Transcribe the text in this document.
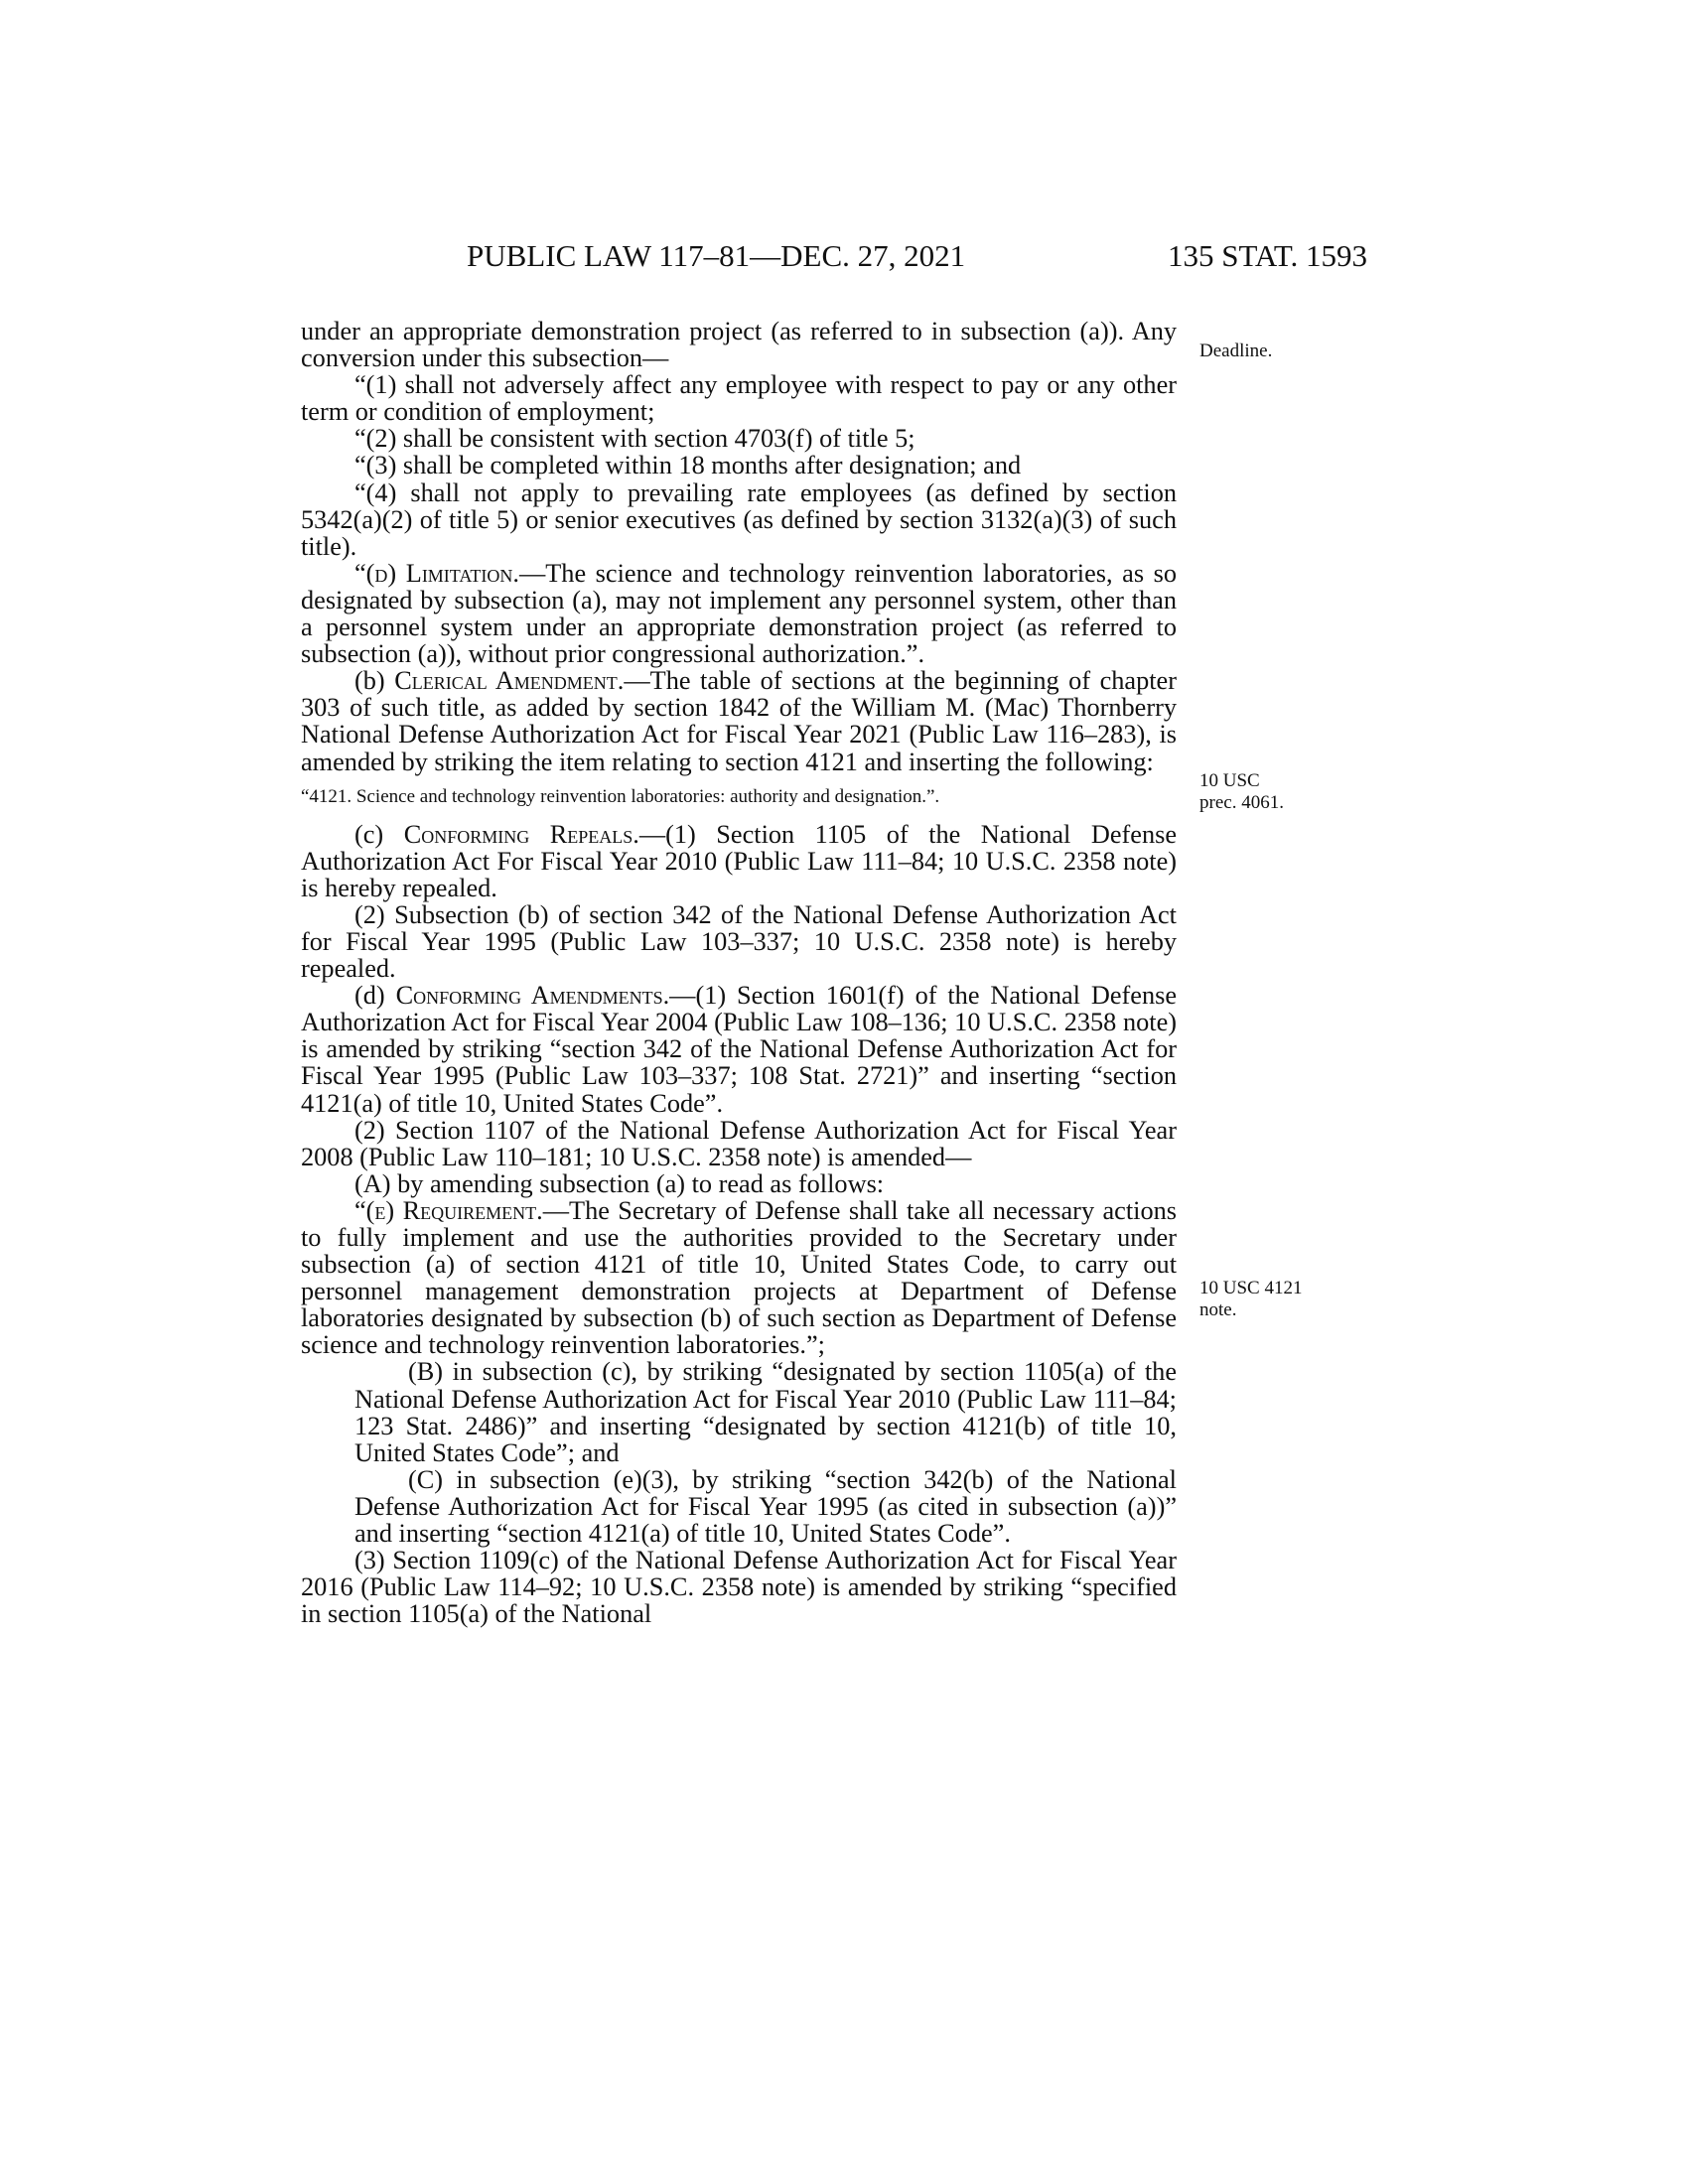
PUBLIC LAW 117–81—DEC. 27, 2021	135 STAT. 1593

under an appropriate demonstration project (as referred to in subsection (a)). Any conversion under this subsection—

“(1) shall not adversely affect any employee with respect to pay or any other term or condition of employment;

“(2) shall be consistent with section 4703(f) of title 5;

“(3) shall be completed within 18 months after designation; and

“(4) shall not apply to prevailing rate employees (as defined by section 5342(a)(2) of title 5) or senior executives (as defined by section 3132(a)(3) of such title).

“(d) Limitation.—The science and technology reinvention laboratories, as so designated by subsection (a), may not implement any personnel system, other than a personnel system under an appropriate demonstration project (as referred to subsection (a)), without prior congressional authorization.”.

(b) Clerical Amendment.—The table of sections at the beginning of chapter 303 of such title, as added by section 1842 of the William M. (Mac) Thornberry National Defense Authorization Act for Fiscal Year 2021 (Public Law 116–283), is amended by striking the item relating to section 4121 and inserting the following:

“4121. Science and technology reinvention laboratories: authority and designation.”.

(c) Conforming Repeals.—(1) Section 1105 of the National Defense Authorization Act For Fiscal Year 2010 (Public Law 111–84; 10 U.S.C. 2358 note) is hereby repealed.

(2) Subsection (b) of section 342 of the National Defense Authorization Act for Fiscal Year 1995 (Public Law 103–337; 10 U.S.C. 2358 note) is hereby repealed.

(d) Conforming Amendments.—(1) Section 1601(f) of the National Defense Authorization Act for Fiscal Year 2004 (Public Law 108–136; 10 U.S.C. 2358 note) is amended by striking “section 342 of the National Defense Authorization Act for Fiscal Year 1995 (Public Law 103–337; 108 Stat. 2721)” and inserting “section 4121(a) of title 10, United States Code”.

(2) Section 1107 of the National Defense Authorization Act for Fiscal Year 2008 (Public Law 110–181; 10 U.S.C. 2358 note) is amended—

(A) by amending subsection (a) to read as follows:

“(e) Requirement.—The Secretary of Defense shall take all necessary actions to fully implement and use the authorities provided to the Secretary under subsection (a) of section 4121 of title 10, United States Code, to carry out personnel management demonstration projects at Department of Defense laboratories designated by subsection (b) of such section as Department of Defense science and technology reinvention laboratories.”;

(B) in subsection (c), by striking “designated by section 1105(a) of the National Defense Authorization Act for Fiscal Year 2010 (Public Law 111–84; 123 Stat. 2486)” and inserting “designated by section 4121(b) of title 10, United States Code”; and

(C) in subsection (e)(3), by striking “section 342(b) of the National Defense Authorization Act for Fiscal Year 1995 (as cited in subsection (a))” and inserting “section 4121(a) of title 10, United States Code”.

(3) Section 1109(c) of the National Defense Authorization Act for Fiscal Year 2016 (Public Law 114–92; 10 U.S.C. 2358 note) is amended by striking “specified in section 1105(a) of the National

Deadline.
10 USC
prec. 4061.
10 USC 4121
note.
